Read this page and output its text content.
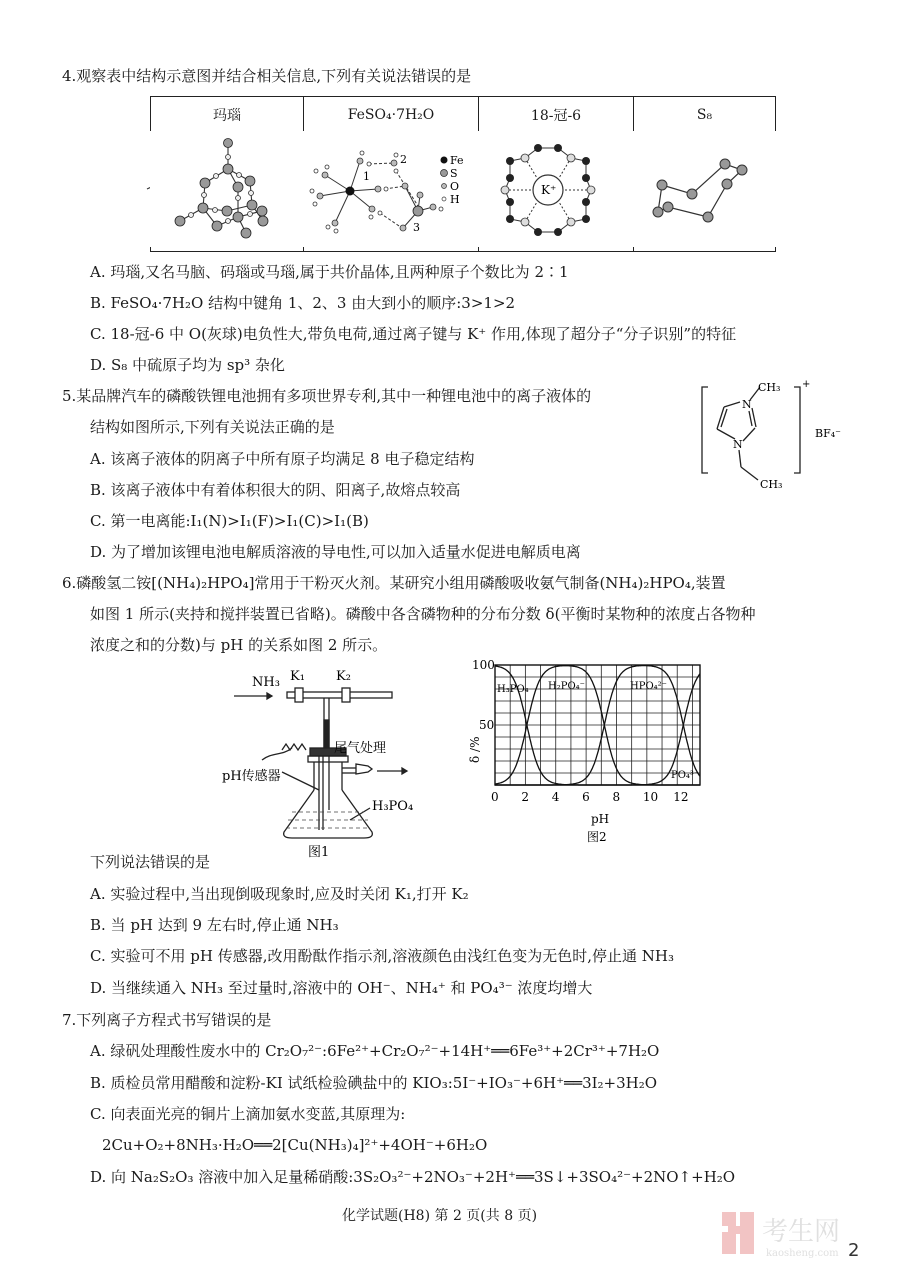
4.观察表中结构示意图并结合相关信息,下列有关说法错误的是
玛瑙	FeSO₄·7H₂O	18-冠-6	S₈

1
2
3
Fe
S
O
H
K⁺
A. 玛瑙,又名马脑、码瑙或马瑙,属于共价晶体,且两种原子个数比为 2∶1
B. FeSO₄·7H₂O 结构中键角 1、2、3 由大到小的顺序:3>1>2
C. 18-冠-6 中 O(灰球)电负性大,带负电荷,通过离子键与 K⁺ 作用,体现了超分子“分子识别”的特征
D. S₈ 中硫原子均为 sp³ 杂化
5.某品牌汽车的磷酸铁锂电池拥有多项世界专利,其中一种锂电池中的离子液体的
结构如图所示,下列有关说法正确的是
A. 该离子液体的阴离子中所有原子均满足 8 电子稳定结构
B. 该离子液体中有着体积很大的阴、阳离子,故熔点较高
C. 第一电离能:I₁(N)>I₁(F)>I₁(C)>I₁(B)
D. 为了增加该锂电池电解质溶液的导电性,可以加入适量水促进电解质电离
CH₃
N
N
CH₃
+
BF₄⁻
6.磷酸氢二铵[(NH₄)₂HPO₄]常用于干粉灭火剂。某研究小组用磷酸吸收氨气制备(NH₄)₂HPO₄,装置
如图 1 所示(夹持和搅拌装置已省略)。磷酸中各含磷物种的分布分数 δ(平衡时某物种的浓度占各物种
浓度之和的分数)与 pH 的关系如图 2 所示。
NH₃ K₁ K₂
尾气处理
pH传感器
H₃PO₄
图1
0 2 4 6 8 10 12
50
100
δ /%
pH
图2
H₃PO₄ H₂PO₄⁻	HPO₄²⁻
PO₄³⁻
下列说法错误的是
A. 实验过程中,当出现倒吸现象时,应及时关闭 K₁,打开 K₂
B. 当 pH 达到 9 左右时,停止通 NH₃
C. 实验可不用 pH 传感器,改用酚酞作指示剂,溶液颜色由浅红色变为无色时,停止通 NH₃
D. 当继续通入 NH₃ 至过量时,溶液中的 OH⁻、NH₄⁺ 和 PO₄³⁻ 浓度均增大
7.下列离子方程式书写错误的是
A. 绿矾处理酸性废水中的 Cr₂O₇²⁻:6Fe²⁺+Cr₂O₇²⁻+14H⁺══6Fe³⁺+2Cr³⁺+7H₂O
B. 质检员常用醋酸和淀粉-KI 试纸检验碘盐中的 KIO₃:5I⁻+IO₃⁻+6H⁺══3I₂+3H₂O
C. 向表面光亮的铜片上滴加氨水变蓝,其原理为:
2Cu+O₂+8NH₃·H₂O══2[Cu(NH₃)₄]²⁺+4OH⁻+6H₂O
D. 向 Na₂S₂O₃ 溶液中加入足量稀硝酸:3S₂O₃²⁻+2NO₃⁻+2H⁺══3S↓+3SO₄²⁻+2NO↑+H₂O
化学试题(H8) 第 2 页(共 8 页)
考生网
kaosheng.com 2
